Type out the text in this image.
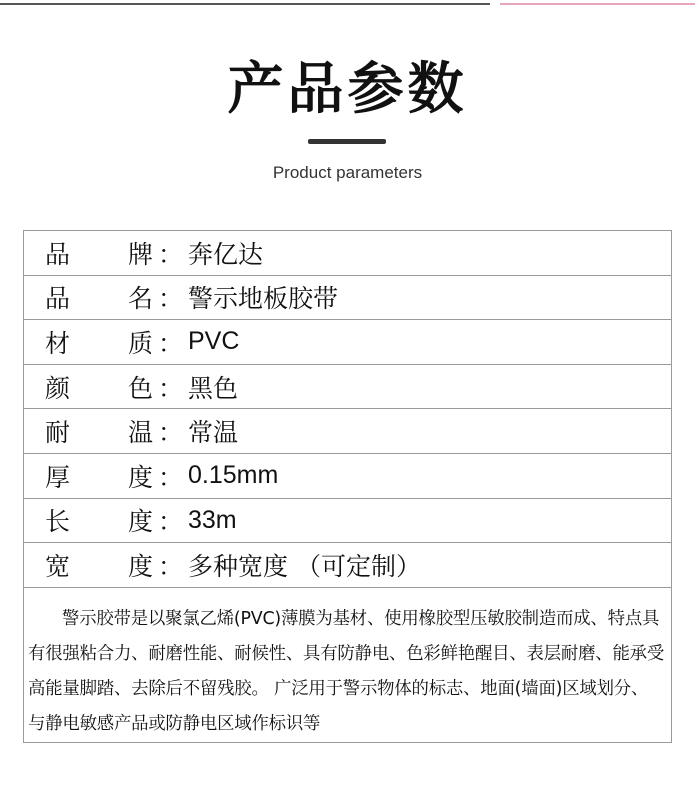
产品参数
Product parameters
品 牌 ： 奔亿达
品 名 ： 警示地板胶带
材 质 ： PVC
颜 色 ： 黑色
耐 温 ： 常温
厚 度 ： 0.15mm
长 度 ： 33m
宽 度 ： 多种宽度 （可定制）
警示胶带是以聚氯乙烯(PVC)薄膜为基材、使用橡胶型压敏胶制造而成、特点具有很强粘合力、耐磨性能、耐候性、具有防静电、色彩鲜艳醒目、表层耐磨、能承受高能量脚踏、去除后不留残胶。 广泛用于警示物体的标志、地面(墙面)区域划分、与静电敏感产品或防静电区域作标识等
